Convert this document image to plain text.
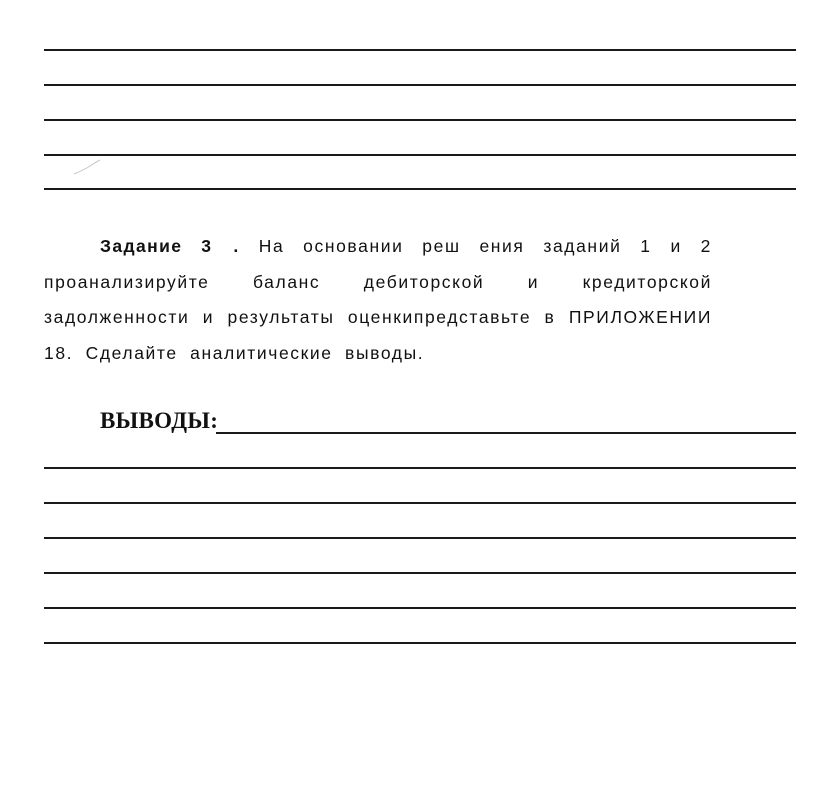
Задание 3 . На основании реш ения заданий 1 и 2 проанализируйте баланс дебиторской и кредиторской задолженности и результаты оценкипредставьте в ПРИЛОЖЕНИИ 18. Сделайте аналитические выводы.
ВЫВОДЫ:
